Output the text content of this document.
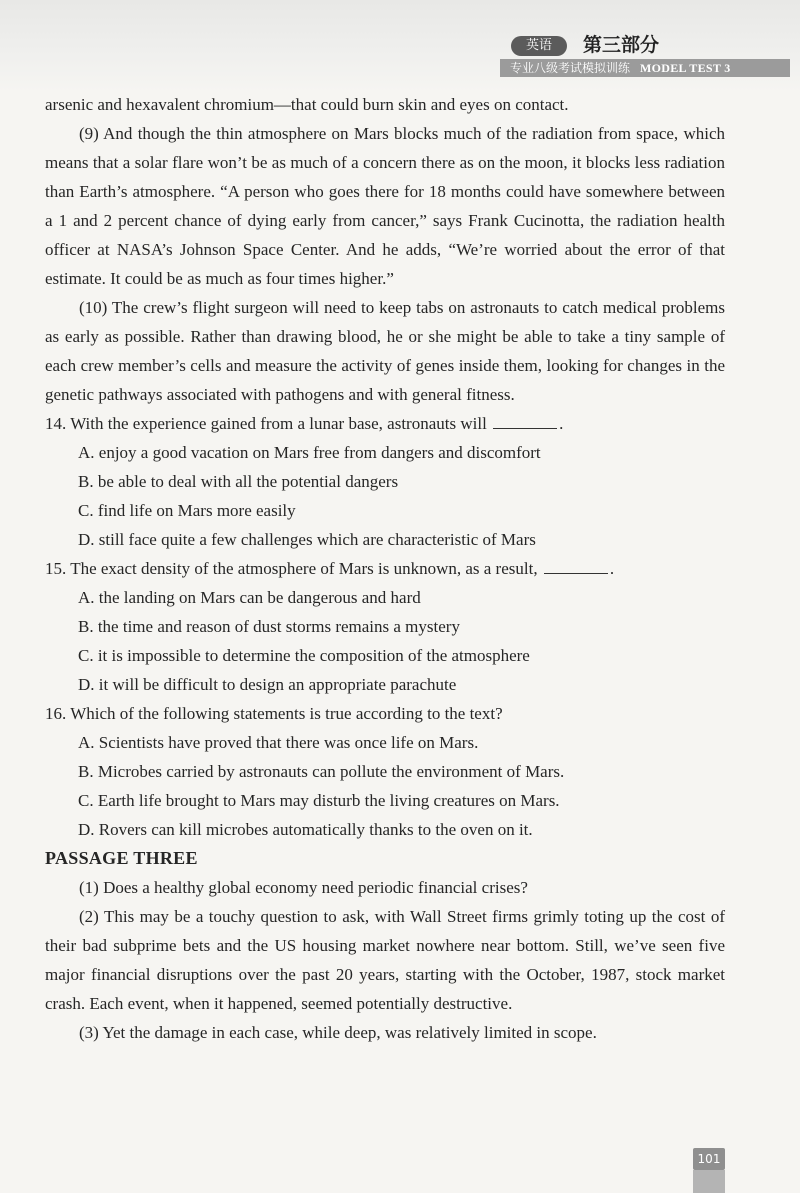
英语	第三部分
专业八级考试模拟训练 MODEL TEST 3

arsenic and hexavalent chromium—that could burn skin and eyes on contact.

(9) And though the thin atmosphere on Mars blocks much of the radiation from space, which means that a solar flare won’t be as much of a concern there as on the moon, it blocks less radiation than Earth’s atmosphere. “A person who goes there for 18 months could have somewhere between a 1 and 2 percent chance of dying early from cancer,” says Frank Cucinotta, the radiation health officer at NASA’s Johnson Space Center. And he adds, “We’re worried about the error of that estimate. It could be as much as four times higher.”

(10) The crew’s flight surgeon will need to keep tabs on astronauts to catch medical problems as early as possible. Rather than drawing blood, he or she might be able to take a tiny sample of each crew member’s cells and measure the activity of genes inside them, looking for changes in the genetic pathways associated with pathogens and with general fitness.

14. With the experience gained from a lunar base, astronauts will	.

A. enjoy a good vacation on Mars free from dangers and discomfort

B. be able to deal with all the potential dangers

C. find life on Mars more easily

D. still face quite a few challenges which are characteristic of Mars

15. The exact density of the atmosphere of Mars is unknown, as a result,	.

A. the landing on Mars can be dangerous and hard

B. the time and reason of dust storms remains a mystery

C. it is impossible to determine the composition of the atmosphere

D. it will be difficult to design an appropriate parachute

16. Which of the following statements is true according to the text?

A. Scientists have proved that there was once life on Mars.

B. Microbes carried by astronauts can pollute the environment of Mars.

C. Earth life brought to Mars may disturb the living creatures on Mars.

D. Rovers can kill microbes automatically thanks to the oven on it.

PASSAGE THREE

(1) Does a healthy global economy need periodic financial crises?

(2) This may be a touchy question to ask, with Wall Street firms grimly toting up the cost of their bad subprime bets and the US housing market nowhere near bottom. Still, we’ve seen five major financial disruptions over the past 20 years, starting with the October, 1987, stock market crash. Each event, when it happened, seemed potentially destructive.

(3) Yet the damage in each case, while deep, was relatively limited in scope.

101
